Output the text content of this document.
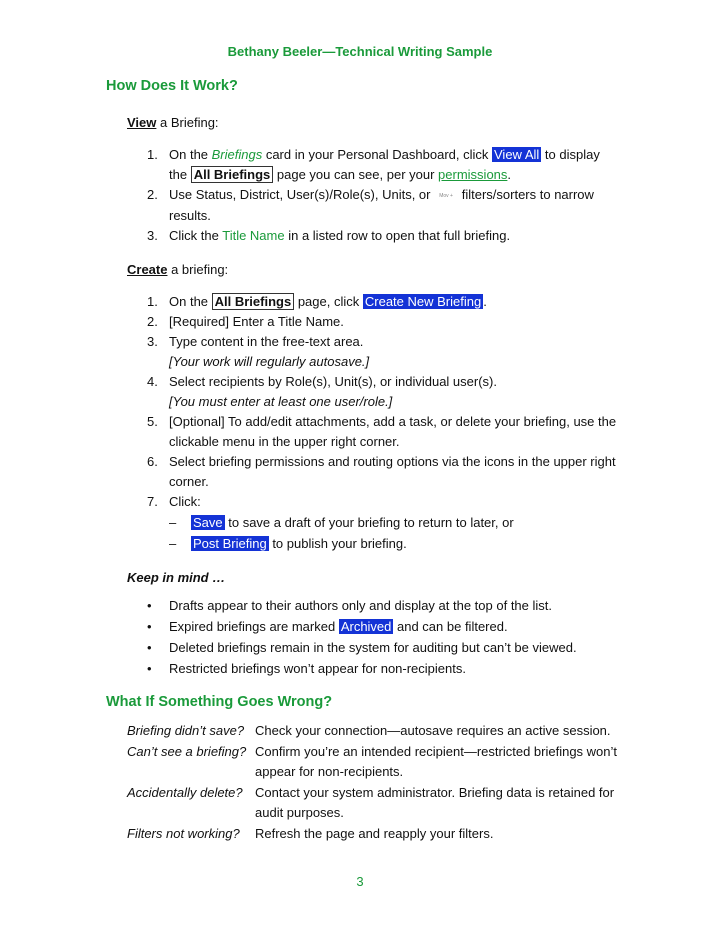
Bethany Beeler—Technical Writing Sample
How Does It Work?

View a Briefing:

1. On the Briefings card in your Personal Dashboard, click View All to display the All Briefings page you can see, per your permissions.
2. Use Status, District, User(s)/Role(s), Units, or Mov + filters/sorters to narrow results.
3. Click the Title Name in a listed row to open that full briefing.

Create a briefing:

1. On the All Briefings page, click Create New Briefing .
2. [Required] Enter a Title Name.
3. Type content in the free-text area.
[Your work will regularly autosave.]
4. Select recipients by Role(s), Unit(s), or individual user(s).
[You must enter at least one user/role.]
5. [Optional] To add/edit attachments, add a task, or delete your briefing, use the clickable menu in the upper right corner.
6. Select briefing permissions and routing options via the icons in the upper right corner.
7. Click:
– Save to save a draft of your briefing to return to later, or
– Post Briefing to publish your briefing.

Keep in mind …

• Drafts appear to their authors only and display at the top of the list.
• Expired briefings are marked Archived and can be filtered.
• Deleted briefings remain in the system for auditing but can’t be viewed.
• Restricted briefings won’t appear for non-recipients.
What If Something Goes Wrong?
Briefing didn’t save? Check your connection—autosave requires an active session.
Can’t see a briefing? Confirm you’re an intended recipient—restricted briefings won’t appear for non-recipients.
Accidentally delete? Contact your system administrator. Briefing data is retained for audit purposes.
Filters not working?	Refresh the page and reapply your filters.
3
